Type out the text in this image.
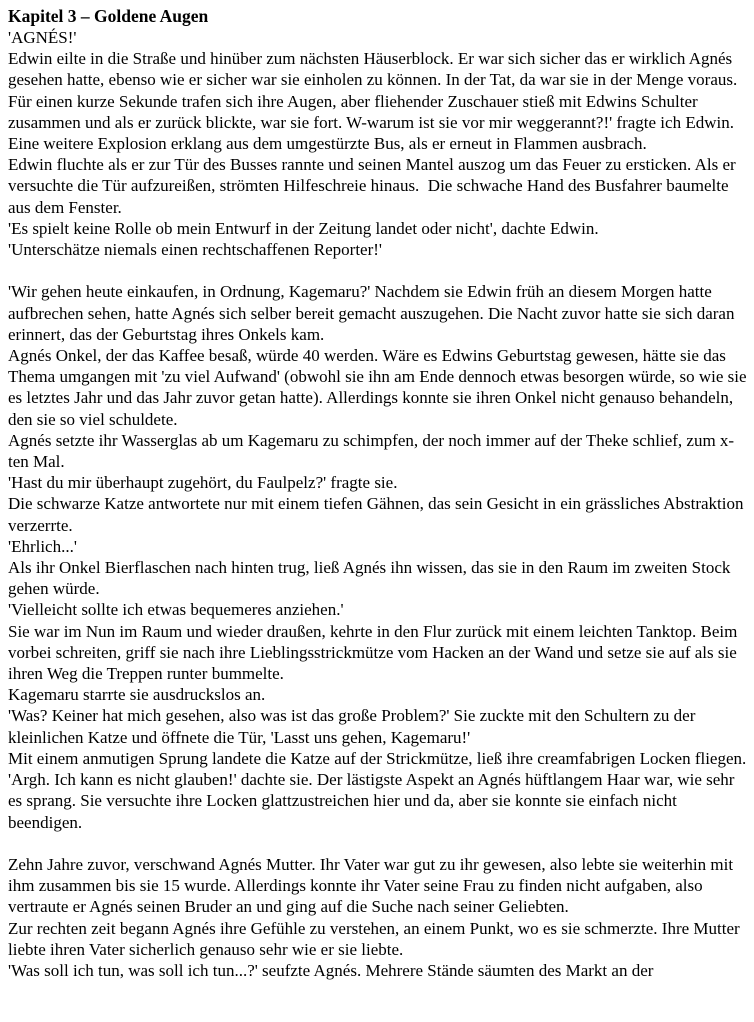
Kapitel 3 – Goldene Augen

'AGNÉS!'

Edwin eilte in die Straße und hinüber zum nächsten Häuserblock. Er war sich sicher das er wirklich Agnés gesehen hatte, ebenso wie er sicher war sie einholen zu können. In der Tat, da war sie in der Menge voraus. Für einen kurze Sekunde trafen sich ihre Augen, aber fliehender Zuschauer stieß mit Edwins Schulter zusammen und als er zurück blickte, war sie fort. W-warum ist sie vor mir weggerannt?!' fragte ich Edwin.

Eine weitere Explosion erklang aus dem umgestürzte Bus, als er erneut in Flammen ausbrach.

Edwin fluchte als er zur Tür des Busses rannte und seinen Mantel auszog um das Feuer zu ersticken. Als er versuchte die Tür aufzureißen, strömten Hilfeschreie hinaus.  Die schwache Hand des Busfahrer baumelte aus dem Fenster.

'Es spielt keine Rolle ob mein Entwurf in der Zeitung landet oder nicht', dachte Edwin.

'Unterschätze niemals einen rechtschaffenen Reporter!'

'Wir gehen heute einkaufen, in Ordnung, Kagemaru?' Nachdem sie Edwin früh an diesem Morgen hatte aufbrechen sehen, hatte Agnés sich selber bereit gemacht auszugehen. Die Nacht zuvor hatte sie sich daran erinnert, das der Geburtstag ihres Onkels kam.

Agnés Onkel, der das Kaffee besaß, würde 40 werden. Wäre es Edwins Geburtstag gewesen, hätte sie das Thema umgangen mit 'zu viel Aufwand' (obwohl sie ihn am Ende dennoch etwas besorgen würde, so wie sie es letztes Jahr und das Jahr zuvor getan hatte). Allerdings konnte sie ihren Onkel nicht genauso behandeln, den sie so viel schuldete.

Agnés setzte ihr Wasserglas ab um Kagemaru zu schimpfen, der noch immer auf der Theke schlief, zum x-ten Mal.

'Hast du mir überhaupt zugehört, du Faulpelz?' fragte sie.

Die schwarze Katze antwortete nur mit einem tiefen Gähnen, das sein Gesicht in ein grässliches Abstraktion verzerrte.

'Ehrlich...'

Als ihr Onkel Bierflaschen nach hinten trug, ließ Agnés ihn wissen, das sie in den Raum im zweiten Stock gehen würde.

'Vielleicht sollte ich etwas bequemeres anziehen.'

Sie war im Nun im Raum und wieder draußen, kehrte in den Flur zurück mit einem leichten Tanktop. Beim vorbei schreiten, griff sie nach ihre Lieblingsstrickmütze vom Hacken an der Wand und setze sie auf als sie ihren Weg die Treppen runter bummelte.

Kagemaru starrte sie ausdruckslos an.

'Was? Keiner hat mich gesehen, also was ist das große Problem?' Sie zuckte mit den Schultern zu der kleinlichen Katze und öffnete die Tür, 'Lasst uns gehen, Kagemaru!'

Mit einem anmutigen Sprung landete die Katze auf der Strickmütze, ließ ihre creamfabrigen Locken fliegen. 'Argh. Ich kann es nicht glauben!' dachte sie. Der lästigste Aspekt an Agnés hüftlangem Haar war, wie sehr es sprang. Sie versuchte ihre Locken glattzustreichen hier und da, aber sie konnte sie einfach nicht beendigen.

Zehn Jahre zuvor, verschwand Agnés Mutter. Ihr Vater war gut zu ihr gewesen, also lebte sie weiterhin mit ihm zusammen bis sie 15 wurde. Allerdings konnte ihr Vater seine Frau zu finden nicht aufgaben, also vertraute er Agnés seinen Bruder an und ging auf die Suche nach seiner Geliebten.

Zur rechten zeit begann Agnés ihre Gefühle zu verstehen, an einem Punkt, wo es sie schmerzte. Ihre Mutter liebte ihren Vater sicherlich genauso sehr wie er sie liebte.

'Was soll ich tun, was soll ich tun...?' seufzte Agnés. Mehrere Stände säumten des Markt an der
